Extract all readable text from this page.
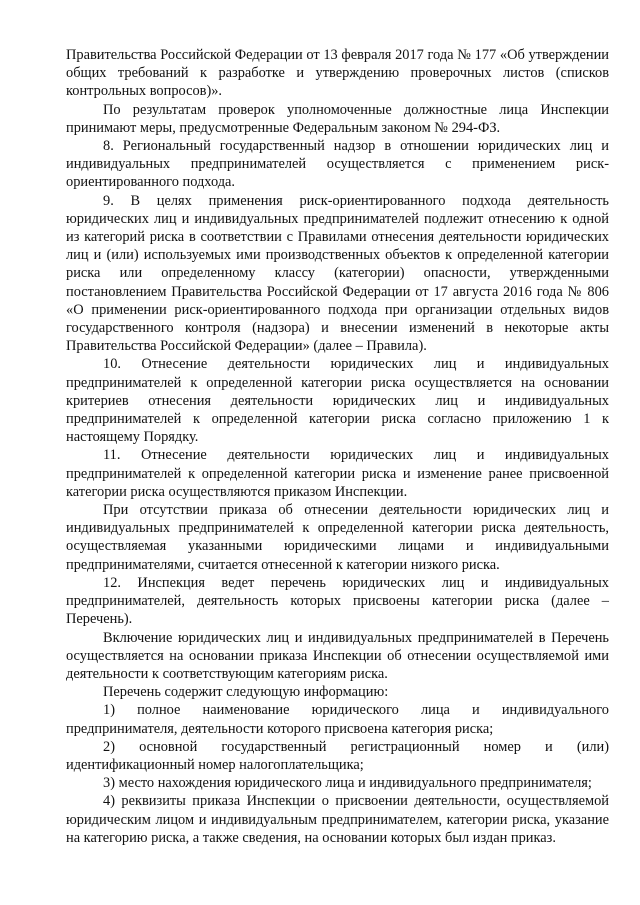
Правительства Российской Федерации от 13 февраля 2017 года № 177 «Об утверждении общих требований к разработке и утверждению проверочных листов (списков контрольных вопросов)».

По результатам проверок уполномоченные должностные лица Инспекции принимают меры, предусмотренные Федеральным законом № 294-ФЗ.

8. Региональный государственный надзор в отношении юридических лиц и индивидуальных предпринимателей осуществляется с применением риск-ориентированного подхода.

9. В целях применения риск-ориентированного подхода деятельность юридических лиц и индивидуальных предпринимателей подлежит отнесению к одной из категорий риска в соответствии с Правилами отнесения деятельности юридических лиц и (или) используемых ими производственных объектов к определенной категории риска или определенному классу (категории) опасности, утвержденными постановлением Правительства Российской Федерации от 17 августа 2016 года № 806 «О применении риск-ориентированного подхода при организации отдельных видов государственного контроля (надзора) и внесении изменений в некоторые акты Правительства Российской Федерации» (далее – Правила).

10. Отнесение деятельности юридических лиц и индивидуальных предпринимателей к определенной категории риска осуществляется на основании критериев отнесения деятельности юридических лиц и индивидуальных предпринимателей к определенной категории риска согласно приложению 1 к настоящему Порядку.

11. Отнесение деятельности юридических лиц и индивидуальных предпринимателей к определенной категории риска и изменение ранее присвоенной категории риска осуществляются приказом Инспекции.

При отсутствии приказа об отнесении деятельности юридических лиц и индивидуальных предпринимателей к определенной категории риска деятельность, осуществляемая указанными юридическими лицами и индивидуальными предпринимателями, считается отнесенной к категории низкого риска.

12. Инспекция ведет перечень юридических лиц и индивидуальных предпринимателей, деятельность которых присвоены категории риска (далее – Перечень).

Включение юридических лиц и индивидуальных предпринимателей в Перечень осуществляется на основании приказа Инспекции об отнесении осуществляемой ими деятельности к соответствующим категориям риска.

Перечень содержит следующую информацию:

1) полное наименование юридического лица и индивидуального предпринимателя, деятельности которого присвоена категория риска;

2) основной государственный регистрационный номер и (или) идентификационный номер налогоплательщика;

3) место нахождения юридического лица и индивидуального предпринимателя;

4) реквизиты приказа Инспекции о присвоении деятельности, осуществляемой юридическим лицом и индивидуальным предпринимателем, категории риска, указание на категорию риска, а также сведения, на основании которых был издан приказ.
